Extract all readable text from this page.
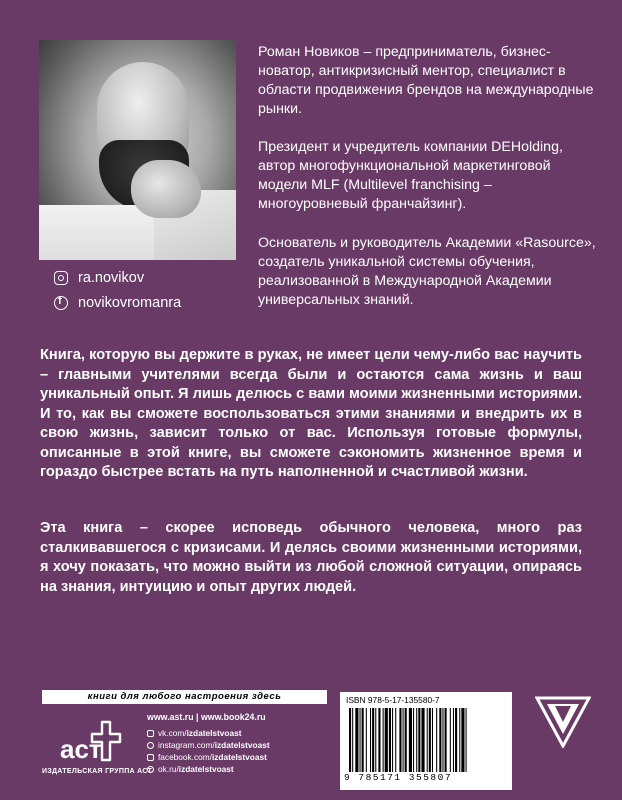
Роман Новиков – предприниматель, бизнес-новатор, антикризисный ментор, специалист в области продвижения брендов на международные рынки.

Президент и учредитель компании DEHolding, автор многофункциональной маркетинговой модели MLF (Multilevel franchising – многоуровневый франчайзинг).

Основатель и руководитель Академии «Rasource», создатель уникальной системы обучения, реализованной в Международной Академии универсальных знаний.

ra.novikov
f
novikovromanra

Книга, которую вы держите в руках, не имеет цели чему-либо вас научить – главными учителями всегда были и остаются сама жизнь и ваш уникальный опыт. Я лишь делюсь с вами моими жизненными историями. И то, как вы сможете воспользоваться этими знаниями и внедрить их в свою жизнь, зависит только от вас. Используя готовые формулы, описанные в этой книге, вы сможете сэкономить жизненное время и гораздо быстрее встать на путь наполненной и счастливой жизни.

Эта книга – скорее исповедь обычного человека, много раз сталкивавшегося с кризисами. И делясь своими жизненными историями, я хочу показать, что можно выйти из любой сложной ситуации, опираясь на знания, интуицию и опыт других людей.

книги для любого настроения здесь
аст
ИЗДАТЕЛЬСКАЯ ГРУППА АСТ
www.ast.ru | www.book24.ru
vk.com/izdatelstvoast
instagram.com/izdatelstvoast
facebook.com/izdatelstvoast
ok.ru/izdatelstvoast
ISBN 978-5-17-135580-7
9 785171 355807
